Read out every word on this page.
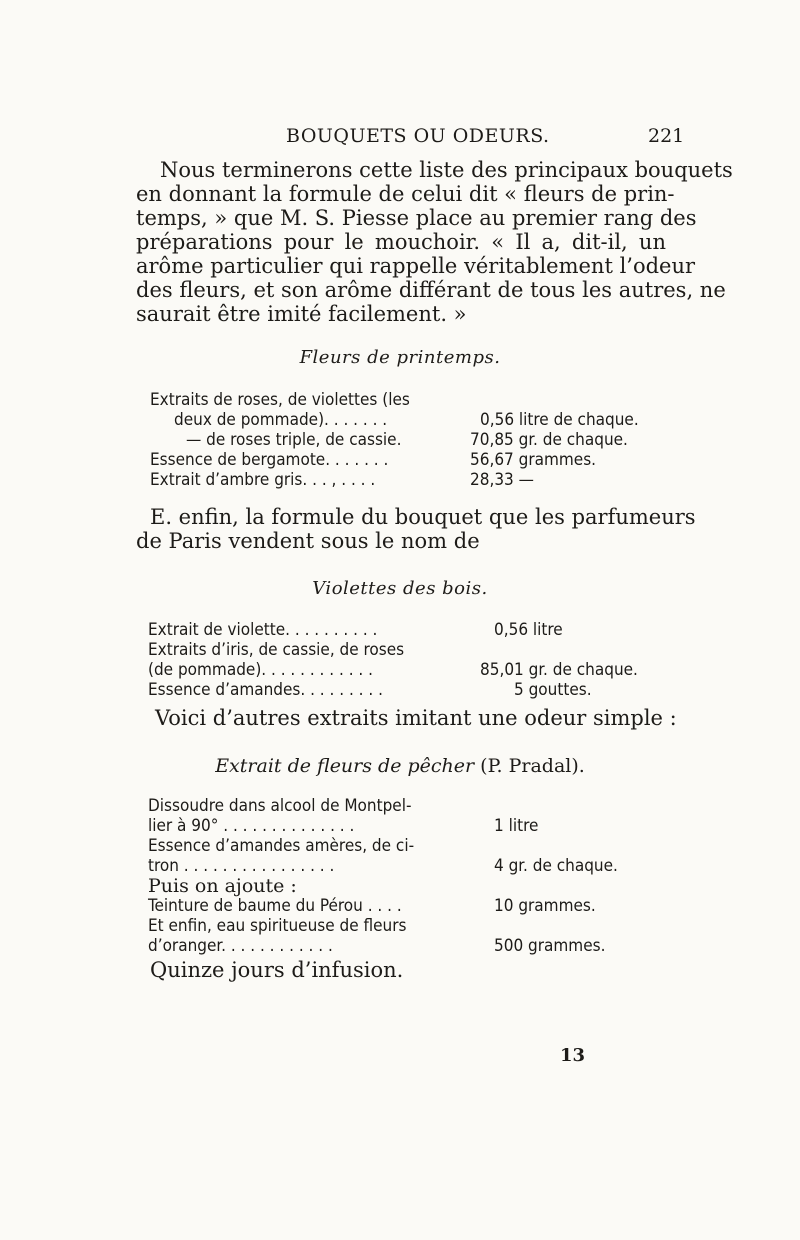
BOUQUETS OU ODEURS.	221
Nous terminerons cette liste des principaux bouquets
en donnant la formule de celui dit « fleurs de prin-
temps, » que M. S. Piesse place au premier rang des
préparations pour le mouchoir. « Il a, dit-il, un
arôme particulier qui rappelle véritablement l’odeur
des fleurs, et son arôme différant de tous les autres, ne
saurait être imité facilement. »
Fleurs de printemps.
Extraits de roses, de violettes (les
deux de pommade). . . . . . .	0,56 litre de chaque.
— de roses triple, de cassie.	70,85 gr. de chaque.
Essence de bergamote. . . . . . .	56,67 grammes.
Extrait d’ambre gris. . . , . . . .	28,33 —
E. enfin, la formule du bouquet que les parfumeurs
de Paris vendent sous le nom de
Violettes des bois.
Extrait de violette. . . . . . . . . .	0,56 litre
Extraits d’iris, de cassie, de roses
(de pommade). . . . . . . . . . . .	85,01 gr. de chaque.
Essence d’amandes. . . . . . . . .	5 gouttes.
Voici d’autres extraits imitant une odeur simple :
Extrait de fleurs de pêcher (P. Pradal).
Dissoudre dans alcool de Montpel-
lier à 90° . . . . . . . . . . . . . .	1 litre
Essence d’amandes amères, de ci-
tron . . . . . . . . . . . . . . . .	4 gr. de chaque.
Puis on ajoute :
Teinture de baume du Pérou . . . .	10 grammes.
Et enfin, eau spiritueuse de fleurs
d’oranger. . . . . . . . . . . .	500 grammes.
Quinze jours d’infusion.
13
